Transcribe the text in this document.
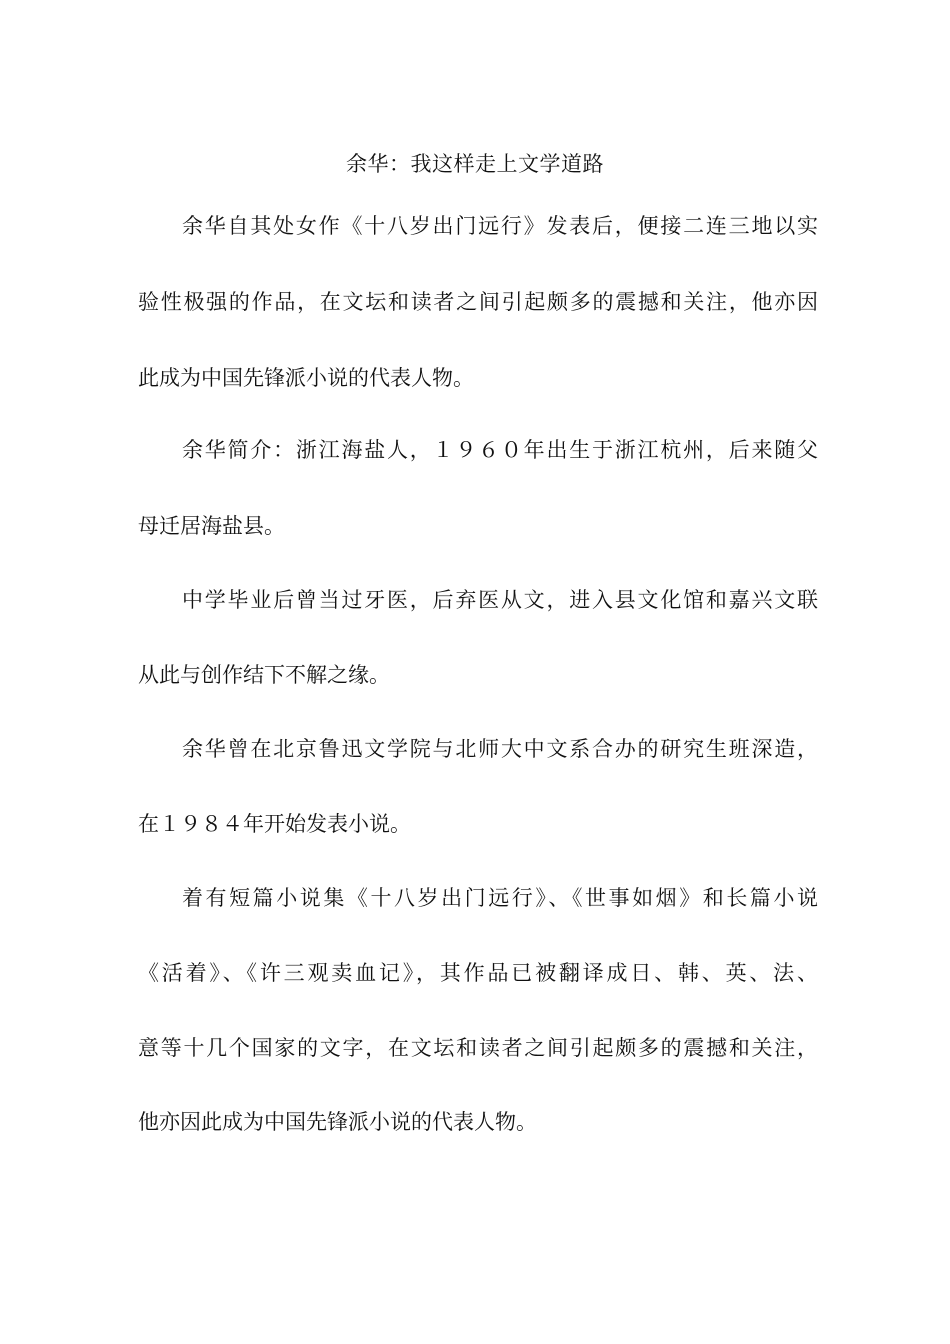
余华：我这样走上文学道路
余华自其处女作《十八岁出门远行》发表后，便接二连三地以实
验性极强的作品，在文坛和读者之间引起颇多的震撼和关注，他亦因
此成为中国先锋派小说的代表人物。
余华简介：浙江海盐人，１９６０年出生于浙江杭州，后来随父
母迁居海盐县。
中学毕业后曾当过牙医，后弃医从文，进入县文化馆和嘉兴文联
从此与创作结下不解之缘。
余华曾在北京鲁迅文学院与北师大中文系合办的研究生班深造，
在１９８４年开始发表小说。
着有短篇小说集《十八岁出门远行》、《世事如烟》和长篇小说
《活着》、《许三观卖血记》，其作品已被翻译成日、韩、英、法、
意等十几个国家的文字，在文坛和读者之间引起颇多的震撼和关注，
他亦因此成为中国先锋派小说的代表人物。
